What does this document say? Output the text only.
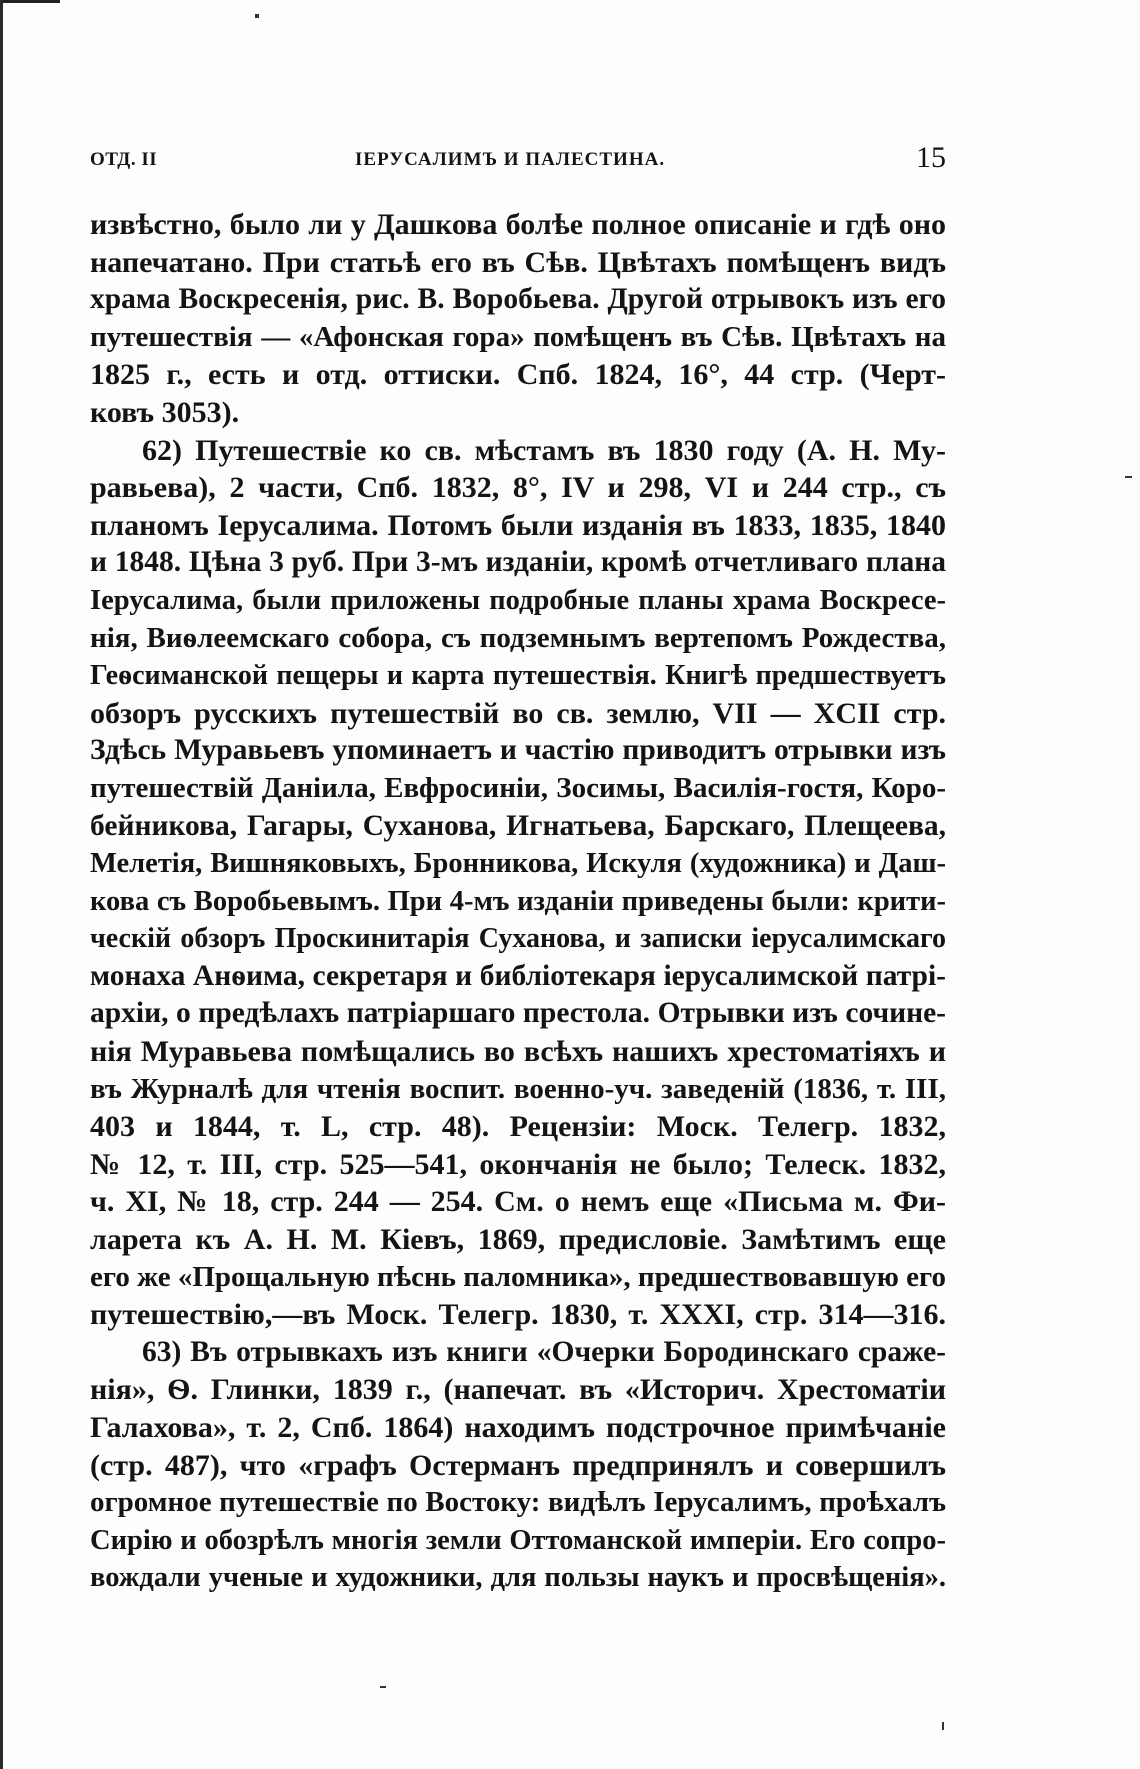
ОТД. II	ІЕРУСАЛИМЪ И ПАЛЕСТИНА.	15
извѣстно, было ли у Дашкова болѣе полное описаніе и гдѣ оно
напечатано. При статьѣ его въ Сѣв. Цвѣтахъ помѣщенъ видъ
храма Воскресенія, рис. В. Воробьева. Другой отрывокъ изъ его
путешествія — «Афонская гора» помѣщенъ въ Сѣв. Цвѣтахъ на
1825 г., есть и отд. оттиски. Спб. 1824, 16°, 44 стр. (Черт-
ковъ 3053).
62) Путешествіе ко св. мѣстамъ въ 1830 году (А. Н. Му-
равьева), 2 части, Спб. 1832, 8°, IV и 298, VI и 244 стр., съ
планомъ Іерусалима. Потомъ были изданія въ 1833, 1835, 1840
и 1848. Цѣна 3 руб. При 3-мъ изданіи, кромѣ отчетливаго плана
Іерусалима, были приложены подробные планы храма Воскресе-
нія, Виѳлеемскаго собора, съ подземнымъ вертепомъ Рождества,
Геѳсиманской пещеры и карта путешествія. Книгѣ предшествуетъ
обзоръ русскихъ путешествій во св. землю, VII — XCII стр.
Здѣсь Муравьевъ упоминаетъ и частію приводитъ отрывки изъ
путешествій Даніила, Евфросиніи, Зосимы, Василія-гостя, Коро-
бейникова, Гагары, Суханова, Игнатьева, Барскаго, Плещеева,
Мелетія, Вишняковыхъ, Бронникова, Искуля (художника) и Даш-
кова съ Воробьевымъ. При 4-мъ изданіи приведены были: крити-
ческій обзоръ Проскинитарія Суханова, и записки іерусалимскаго
монаха Анѳима, секретаря и библіотекаря іерусалимской патрі-
архіи, о предѣлахъ патріаршаго престола. Отрывки изъ сочине-
нія Муравьева помѣщались во всѣхъ нашихъ хрестоматіяхъ и
въ Журналѣ для чтенія воспит. военно-уч. заведеній (1836, т. III,
403 и 1844, т. L, стр. 48). Рецензіи: Моск. Телегр. 1832,
№ 12, т. III, стр. 525—541, окончанія не было; Телеск. 1832,
ч. XI, № 18, стр. 244 — 254. См. о немъ еще «Письма м. Фи-
ларета къ А. Н. М. Кіевъ, 1869, предисловіе. Замѣтимъ еще
его же «Прощальную пѣснь паломника», предшествовавшую его
путешествію,—въ Моск. Телегр. 1830, т. XXXI, стр. 314—316.
63) Въ отрывкахъ изъ книги «Очерки Бородинскаго сраже-
нія», Ѳ. Глинки, 1839 г., (напечат. въ «Историч. Хрестоматіи
Галахова», т. 2, Спб. 1864) находимъ подстрочное примѣчаніе
(стр. 487), что «графъ Остерманъ предпринялъ и совершилъ
огромное путешествіе по Востоку: видѣлъ Іерусалимъ, проѣхалъ
Сирію и обозрѣлъ многія земли Оттоманской имперіи. Его сопро-
вождали ученые и художники, для пользы наукъ и просвѣщенія».
